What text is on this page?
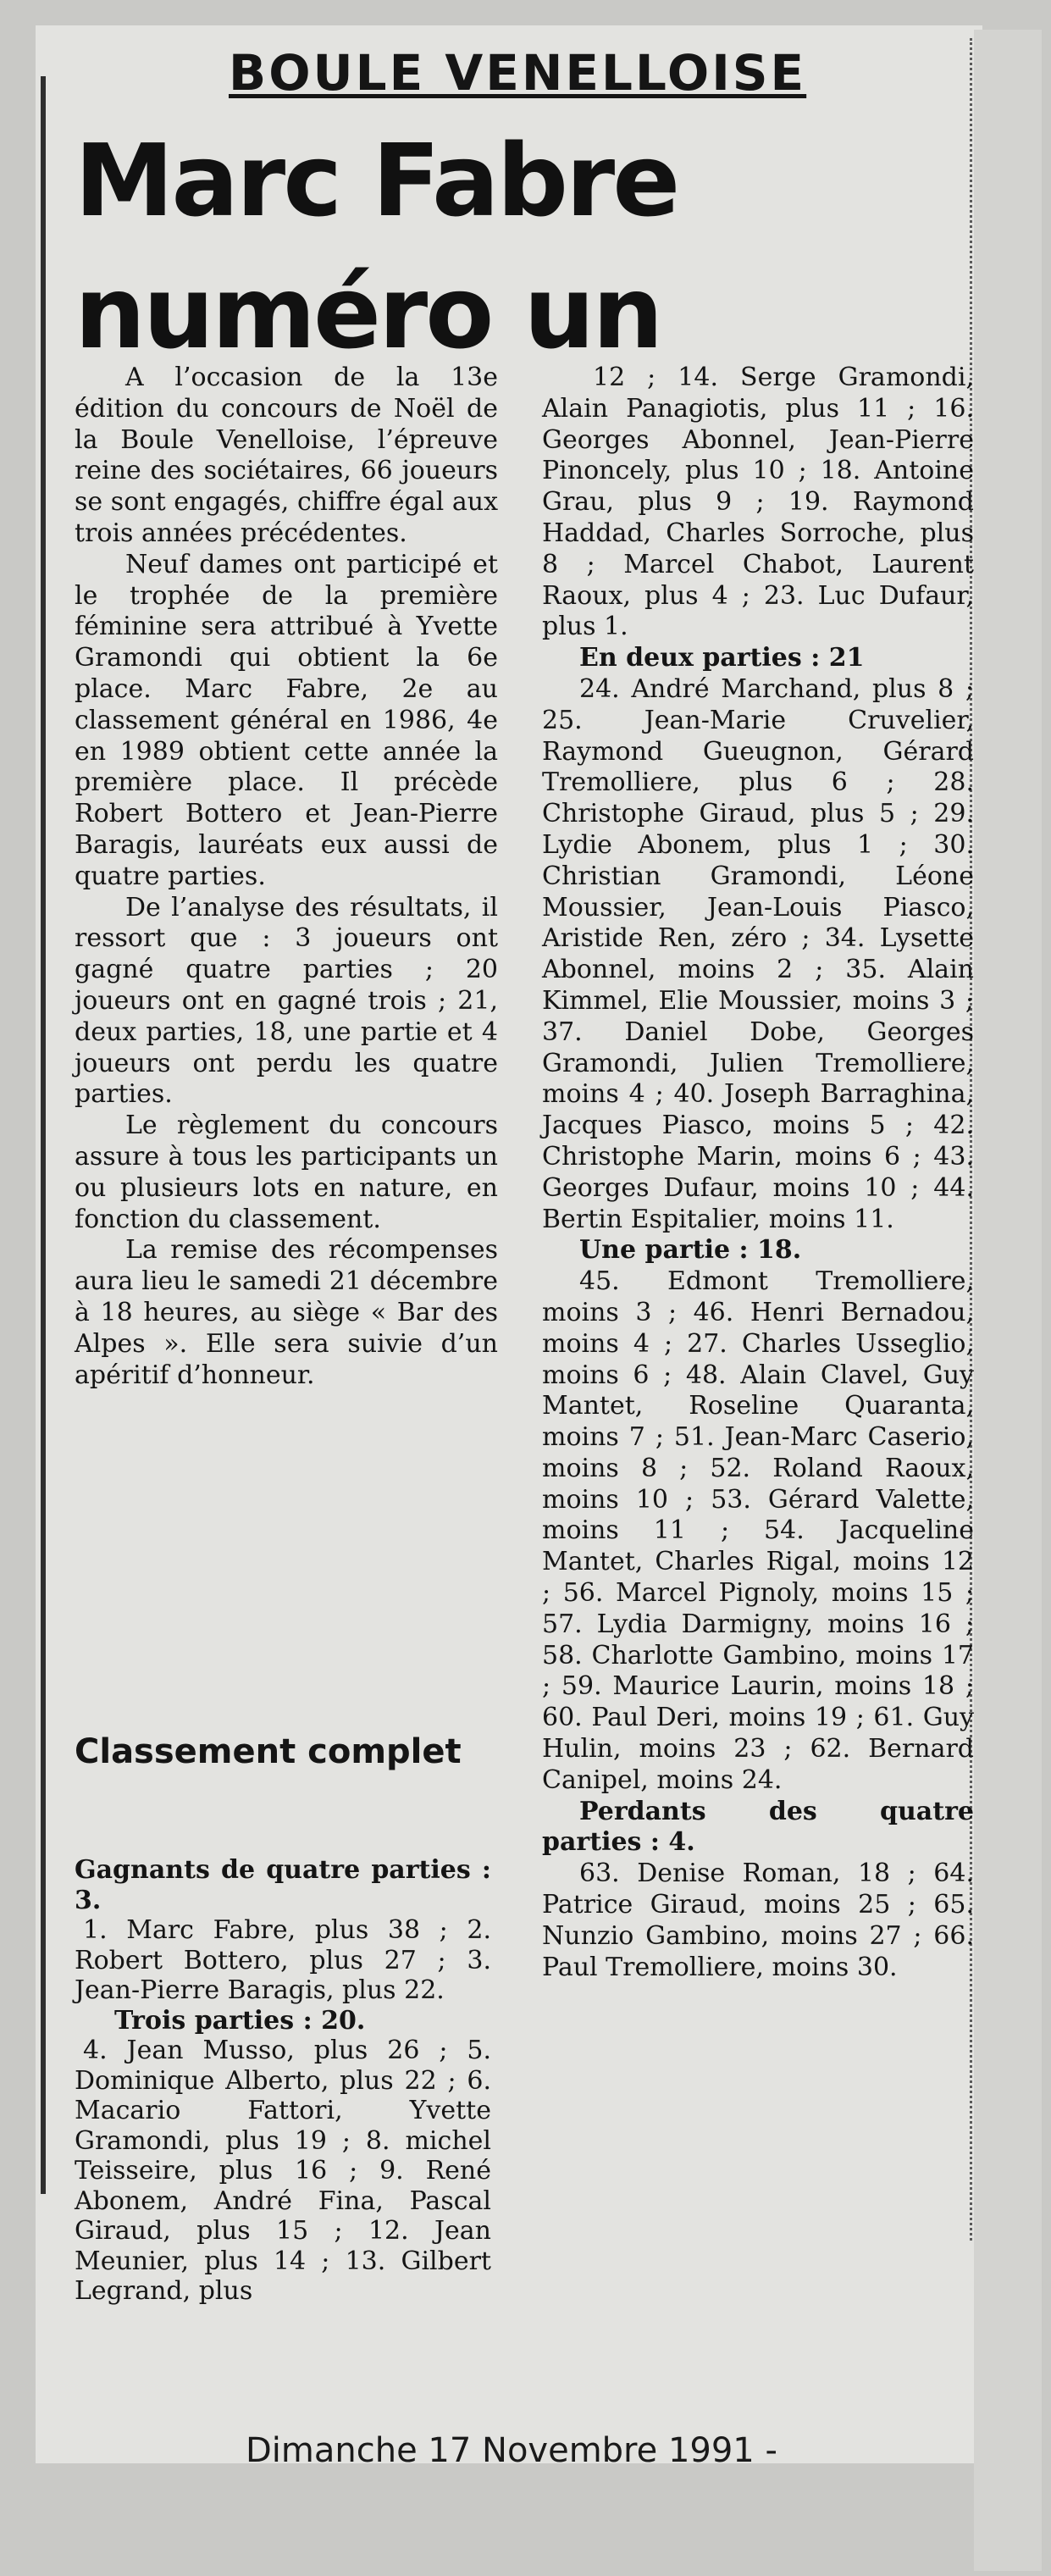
BOULE VENELLOISE
Marc Fabre numéro un

A l’occasion de la 13e édition du concours de Noël de la Boule Venelloise, l’épreuve reine des sociétaires, 66 joueurs se sont engagés, chiffre égal aux trois années précédentes.

Neuf dames ont participé et le trophée de la première féminine sera attribué à Yvette Gramondi qui obtient la 6e place. Marc Fabre, 2e au classement général en 1986, 4e en 1989 obtient cette année la première place. Il précède Robert Bottero et Jean-Pierre Baragis, lauréats eux aussi de quatre parties.

De l’analyse des résultats, il ressort que : 3 joueurs ont gagné quatre parties ; 20 joueurs ont en gagné trois ; 21, deux parties, 18, une partie et 4 joueurs ont perdu les quatre parties.

Le règlement du concours assure à tous les participants un ou plusieurs lots en nature, en fonction du classement.

La remise des récompenses aura lieu le samedi 21 décembre à 18 heures, au siège « Bar des Alpes ». Elle sera suivie d’un apéritif d’honneur.

Classement complet

Gagnants de quatre parties : 3.

1. Marc Fabre, plus 38 ; 2. Robert Bottero, plus 27 ; 3. Jean-Pierre Baragis, plus 22.

Trois parties : 20.

4. Jean Musso, plus 26 ; 5. Dominique Alberto, plus 22 ; 6. Macario Fattori, Yvette Gramondi, plus 19 ; 8. michel Teisseire, plus 16 ; 9. René Abonem, André Fina, Pascal Giraud, plus 15 ; 12. Jean Meunier, plus 14 ; 13. Gilbert Legrand, plus

12 ; 14. Serge Gramondi, Alain Panagiotis, plus 11 ; 16. Georges Abonnel, Jean-Pierre Pinoncely, plus 10 ; 18. Antoine Grau, plus 9 ; 19. Raymond Haddad, Charles Sorroche, plus 8 ; Marcel Chabot, Laurent Raoux, plus 4 ; 23. Luc Dufaur, plus 1.

En deux parties : 21

24. André Marchand, plus 8 ; 25. Jean-Marie Cruvelier, Raymond Gueugnon, Gérard Tremolliere, plus 6 ; 28. Christophe Giraud, plus 5 ; 29. Lydie Abonem, plus 1 ; 30. Christian Gramondi, Léone Moussier, Jean-Louis Piasco, Aristide Ren, zéro ; 34. Lysette Abonnel, moins 2 ; 35. Alain Kimmel, Elie Moussier, moins 3 ; 37. Daniel Dobe, Georges Gramondi, Julien Tremolliere, moins 4 ; 40. Joseph Barraghina, Jacques Piasco, moins 5 ; 42. Christophe Marin, moins 6 ; 43. Georges Dufaur, moins 10 ; 44. Bertin Espitalier, moins 11.

Une partie : 18.

45. Edmont Tremolliere, moins 3 ; 46. Henri Bernadou, moins 4 ; 27. Charles Usseglio, moins 6 ; 48. Alain Clavel, Guy Mantet, Roseline Quaranta, moins 7 ; 51. Jean-Marc Caserio, moins 8 ; 52. Roland Raoux, moins 10 ; 53. Gérard Valette, moins 11 ; 54. Jacqueline Mantet, Charles Rigal, moins 12 ; 56. Marcel Pignoly, moins 15 ; 57. Lydia Darmigny, moins 16 ; 58. Charlotte Gambino, moins 17 ; 59. Maurice Laurin, moins 18 ; 60. Paul Deri, moins 19 ; 61. Guy Hulin, moins 23 ; 62. Bernard Canipel, moins 24.

Perdants des quatre parties : 4.

63. Denise Roman, 18 ; 64. Patrice Giraud, moins 25 ; 65. Nunzio Gambino, moins 27 ; 66. Paul Tremolliere, moins 30.

Dimanche 17 Novembre 1991 -
